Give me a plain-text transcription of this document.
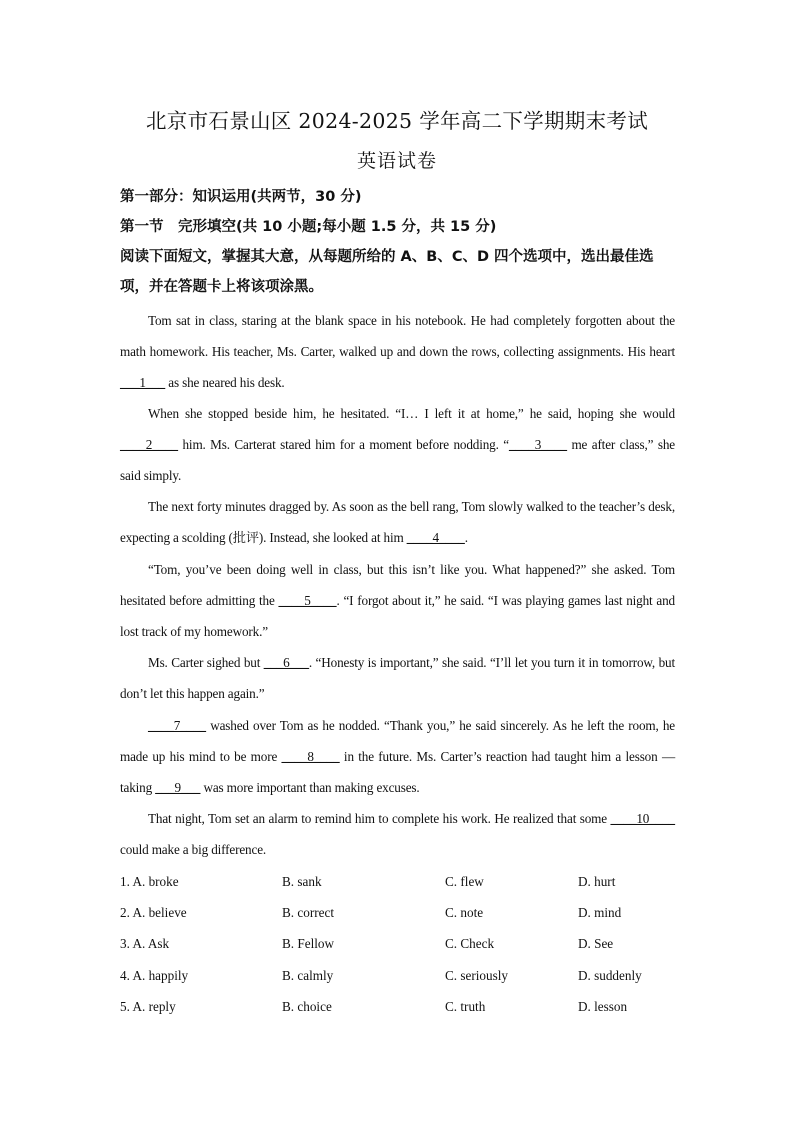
北京市石景山区 2024-2025 学年高二下学期期末考试
英语试卷
第一部分：知识运用(共两节，30 分)
第一节　完形填空(共 10 小题;每小题 1.5 分，共 15 分)
阅读下面短文，掌握其大意，从每题所给的 A、B、C、D 四个选项中，选出最佳选项，并在答题卡上将该项涂黑。
Tom sat in class, staring at the blank space in his notebook. He had completely forgotten about the math homework. His teacher, Ms. Carter, walked up and down the rows, collecting assignments. His heart ___1___ as she neared his desk.
When she stopped beside him, he hesitated. “I… I left it at home,” he said, hoping she would ____2____ him. Ms. Carterat stared him for a moment before nodding. “____3____ me after class,” she said simply.
The next forty minutes dragged by. As soon as the bell rang, Tom slowly walked to the teacher’s desk, expecting a scolding (批评). Instead, she looked at him ____4____.
“Tom, you’ve been doing well in class, but this isn’t like you. What happened?” she asked. Tom hesitated before admitting the ____5____. “I forgot about it,” he said. “I was playing games last night and lost track of my homework.”
Ms. Carter sighed but ___6___. “Honesty is important,” she said. “I’ll let you turn it in tomorrow, but don’t let this happen again.”
____7____ washed over Tom as he nodded. “Thank you,” he said sincerely. As he left the room, he made up his mind to be more ____8____ in the future. Ms. Carter’s reaction had taught him a lesson — taking ___9___ was more important than making excuses.
That night, Tom set an alarm to remind him to complete his work. He realized that some ____10____ could make a big difference.
1. A. broke	B. sank	C. flew	D. hurt
2. A. believe	B. correct	C. note	D. mind
3. A. Ask	B. Fellow	C. Check	D. See
4. A. happily	B. calmly	C. seriously	D. suddenly
5. A. reply	B. choice	C. truth	D. lesson
